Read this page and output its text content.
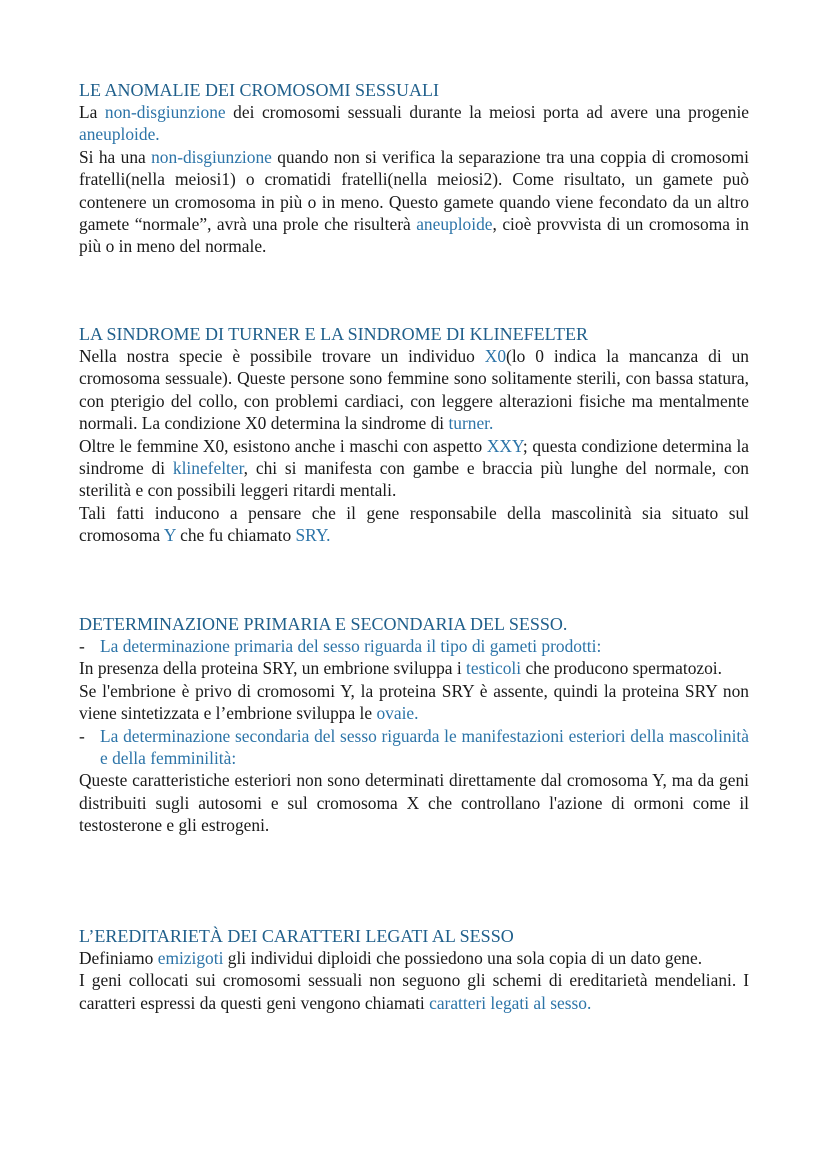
LE ANOMALIE DEI CROMOSOMI SESSUALI

La non-disgiunzione dei cromosomi sessuali durante la meiosi porta ad avere una progenie aneuploide.

Si ha una non-disgiunzione quando non si verifica la separazione tra una coppia di cromosomi fratelli(nella meiosi1) o cromatidi fratelli(nella meiosi2). Come risultato, un gamete può contenere un cromosoma in più o in meno. Questo gamete quando viene fecondato da un altro gamete “normale”, avrà una prole che risulterà aneuploide, cioè provvista di un cromosoma in più o in meno del normale.

LA SINDROME DI TURNER E LA SINDROME DI KLINEFELTER

Nella nostra specie è possibile trovare un individuo X0(lo 0 indica la mancanza di un cromosoma sessuale). Queste persone sono femmine sono solitamente sterili, con bassa statura, con pterigio del collo, con problemi cardiaci, con leggere alterazioni fisiche ma mentalmente normali. La condizione X0 determina la sindrome di turner.

Oltre le femmine X0, esistono anche i maschi con aspetto XXY; questa condizione determina la sindrome di klinefelter, chi si manifesta con gambe e braccia più lunghe del normale, con sterilità e con possibili leggeri ritardi mentali.

Tali fatti inducono a pensare che il gene responsabile della mascolinità sia situato sul cromosoma Y che fu chiamato SRY.

DETERMINAZIONE PRIMARIA E SECONDARIA DEL SESSO.

- La determinazione primaria del sesso riguarda il tipo di gameti prodotti:

In presenza della proteina SRY, un embrione sviluppa i testicoli che producono spermatozoi.

Se l'embrione è privo di cromosomi Y, la proteina SRY è assente, quindi la proteina SRY non viene sintetizzata e l’embrione sviluppa le ovaie.

- La determinazione secondaria del sesso riguarda le manifestazioni esteriori della mascolinità e della femminilità:

Queste caratteristiche esteriori non sono determinati direttamente dal cromosoma Y, ma da geni distribuiti sugli autosomi e sul cromosoma X che controllano l'azione di ormoni come il testosterone e gli estrogeni.

L’EREDITARIETÀ DEI CARATTERI LEGATI AL SESSO

Definiamo emizigoti gli individui diploidi che possiedono una sola copia di un dato gene.

I geni collocati sui cromosomi sessuali non seguono gli schemi di ereditarietà mendeliani. I caratteri espressi da questi geni vengono chiamati caratteri legati al sesso.
